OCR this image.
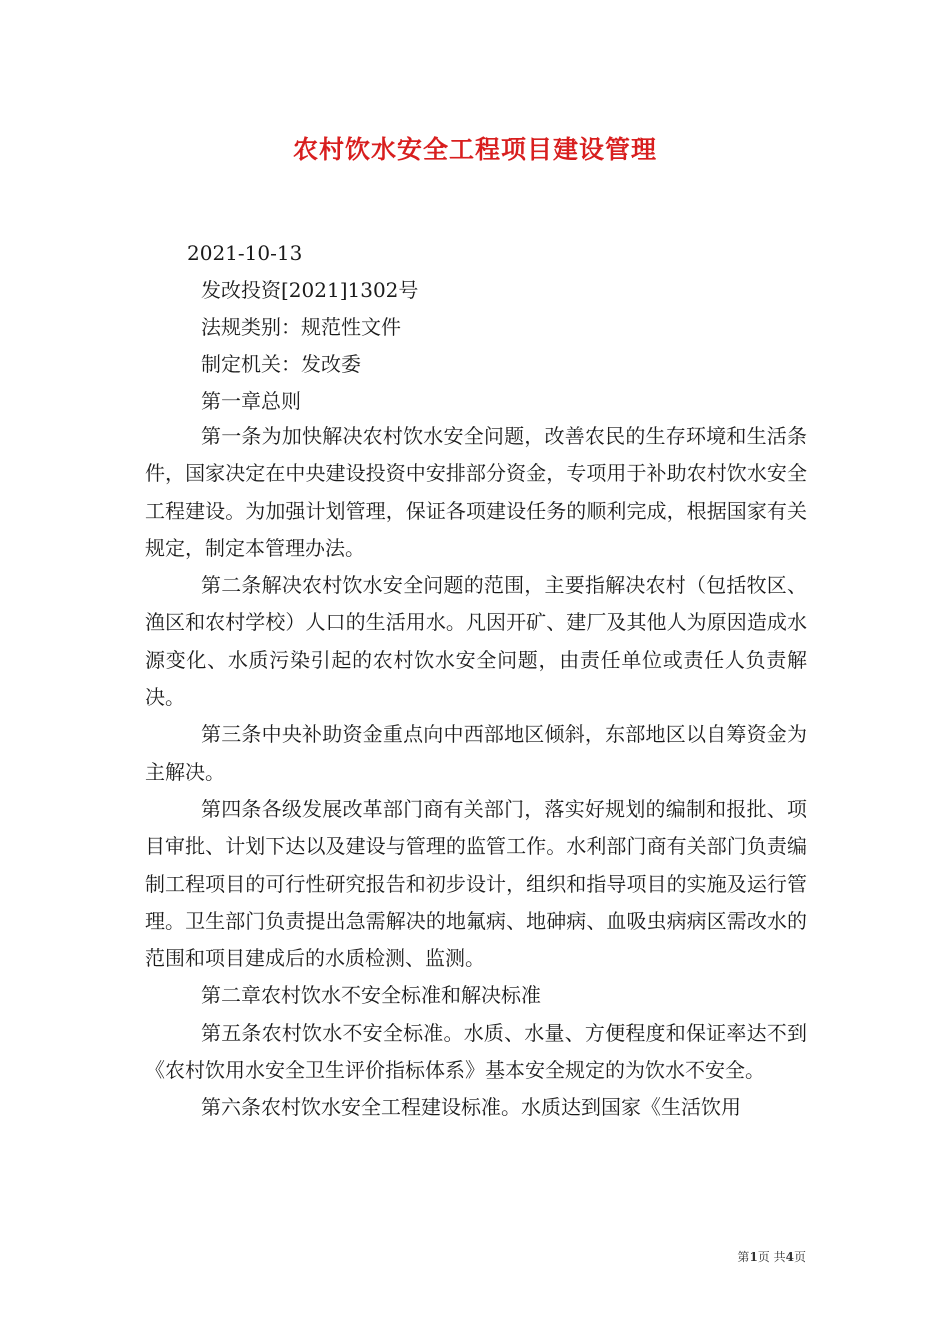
农村饮水安全工程项目建设管理
2021-10-13
发改投资[2021]1302号
法规类别：规范性文件
制定机关：发改委
第一章总则

第一条为加快解决农村饮水安全问题，改善农民的生存环境和生活条件，国家决定在中央建设投资中安排部分资金，专项用于补助农村饮水安全工程建设。为加强计划管理，保证各项建设任务的顺利完成，根据国家有关规定，制定本管理办法。

第二条解决农村饮水安全问题的范围，主要指解决农村（包括牧区、渔区和农村学校）人口的生活用水。凡因开矿、建厂及其他人为原因造成水源变化、水质污染引起的农村饮水安全问题，由责任单位或责任人负责解决。

第三条中央补助资金重点向中西部地区倾斜，东部地区以自筹资金为主解决。

第四条各级发展改革部门商有关部门，落实好规划的编制和报批、项目审批、计划下达以及建设与管理的监管工作。水利部门商有关部门负责编制工程项目的可行性研究报告和初步设计，组织和指导项目的实施及运行管理。卫生部门负责提出急需解决的地氟病、地砷病、血吸虫病病区需改水的范围和项目建成后的水质检测、监测。

第二章农村饮水不安全标准和解决标准

第五条农村饮水不安全标准。水质、水量、方便程度和保证率达不到《农村饮用水安全卫生评价指标体系》基本安全规定的为饮水不安全。

第六条农村饮水安全工程建设标准。水质达到国家《生活饮用

第1页 共4页
